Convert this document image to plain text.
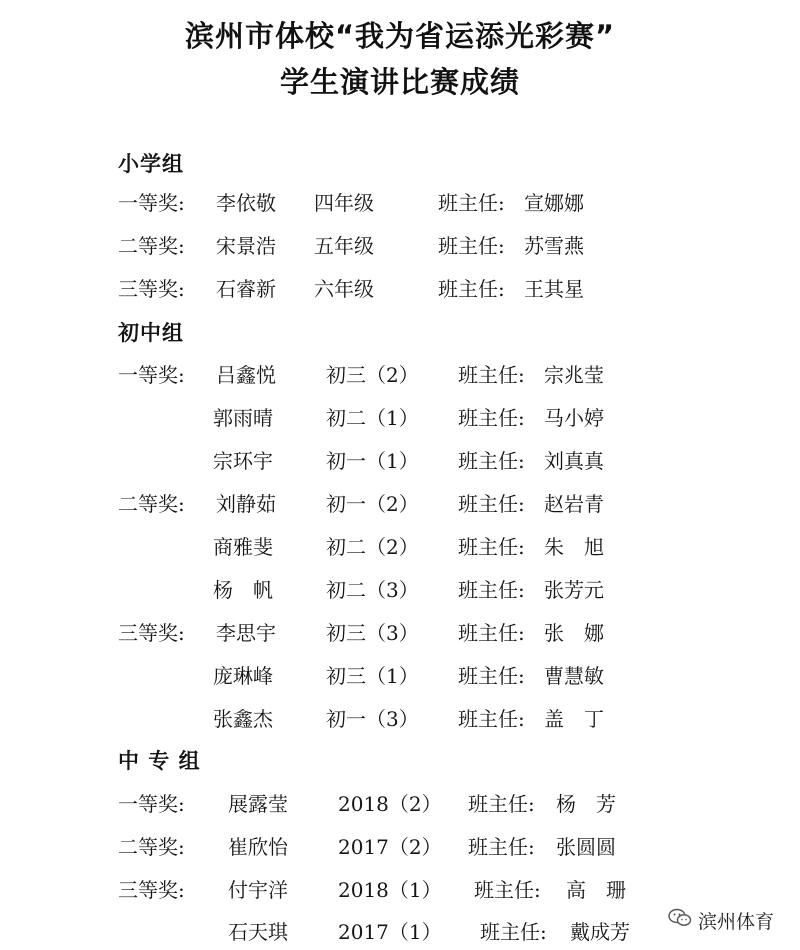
滨州市体校“我为省运添光彩赛”
学生演讲比赛成绩
小学组
一等奖: 李依敬 四年级	班主任: 宣娜娜
二等奖: 宋景浩 五年级	班主任: 苏雪燕
三等奖: 石睿新 六年级	班主任: 王其星
初中组
一等奖: 吕鑫悦	初三（2） 班主任: 宗兆莹
郭雨晴	初二（1） 班主任: 马小婷
宗环宇	初一（1） 班主任: 刘真真
二等奖: 刘静茹	初一（2） 班主任: 赵岩青
商雅斐	初二（2） 班主任: 朱　旭
杨　帆	初二（3） 班主任: 张芳元
三等奖: 李思宇	初三（3） 班主任: 张　娜
庞琳峰	初三（1） 班主任: 曹慧敏
张鑫杰	初一（3） 班主任: 盖　丁
中 专 组
一等奖: 展露莹	2018（2） 班主任: 杨　芳
二等奖: 崔欣怡	2017（2） 班主任: 张圆圆
三等奖: 付宇洋	2018（1） 班主任: 高　珊
石天琪	2017（1） 班主任: 戴成芳	滨州体育
